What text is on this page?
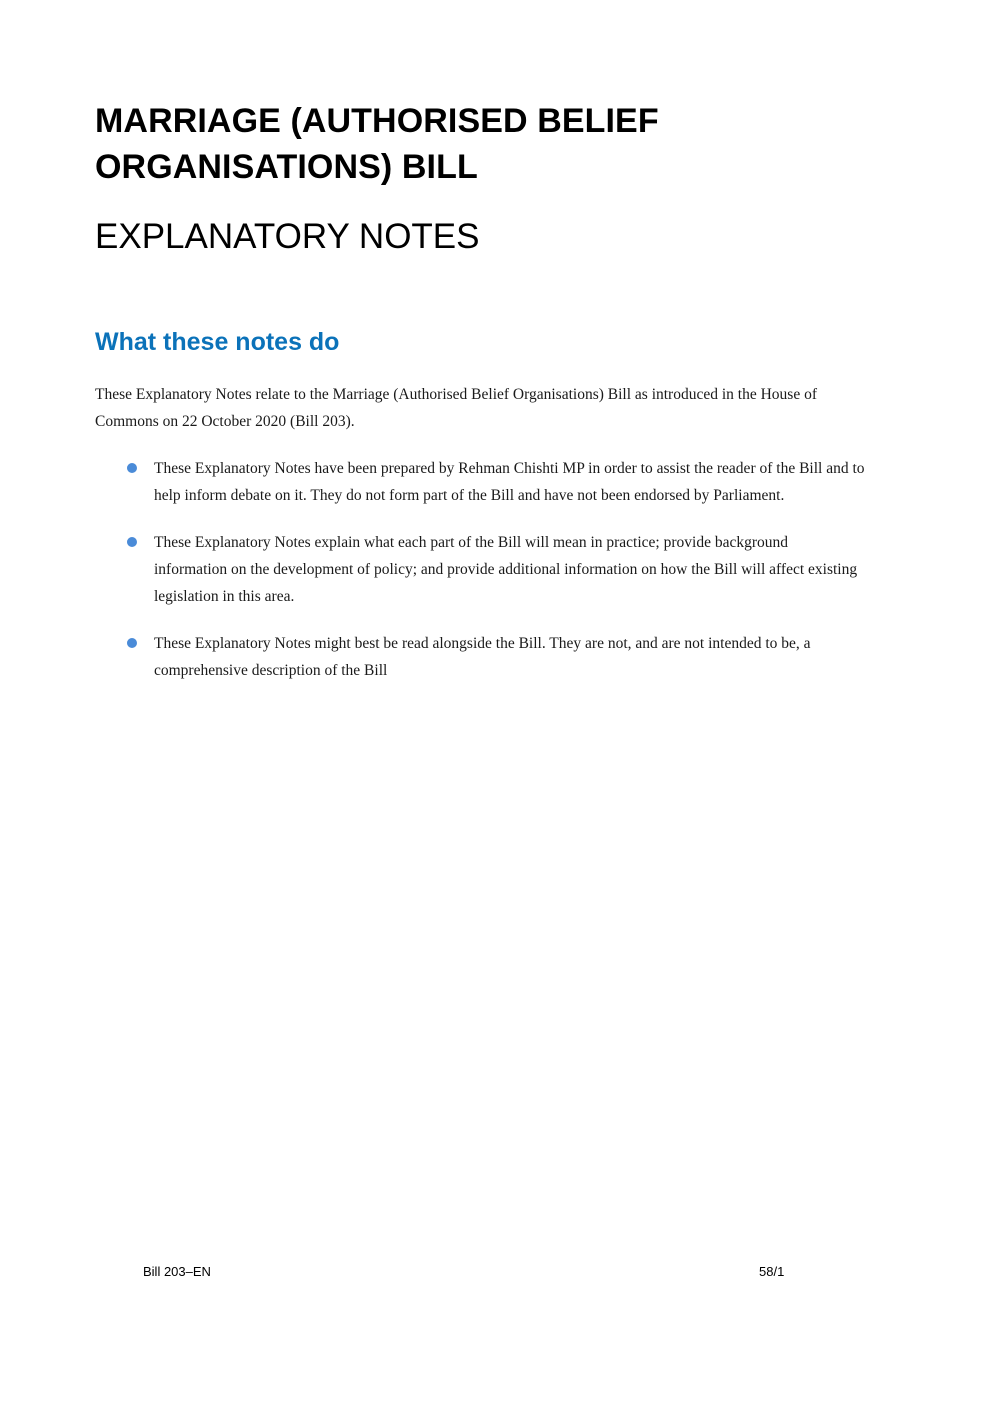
MARRIAGE (AUTHORISED BELIEF ORGANISATIONS) BILL
EXPLANATORY NOTES
What these notes do

These Explanatory Notes relate to the Marriage (Authorised Belief Organisations) Bill as introduced in the House of Commons on 22 October 2020 (Bill 203).

These Explanatory Notes have been prepared by Rehman Chishti MP in order to assist the reader of the Bill and to help inform debate on it. They do not form part of the Bill and have not been endorsed by Parliament.
These Explanatory Notes explain what each part of the Bill will mean in practice; provide background information on the development of policy; and provide additional information on how the Bill will affect existing legislation in this area.
These Explanatory Notes might best be read alongside the Bill. They are not, and are not intended to be, a comprehensive description of the Bill
Bill 203–EN	58/1
